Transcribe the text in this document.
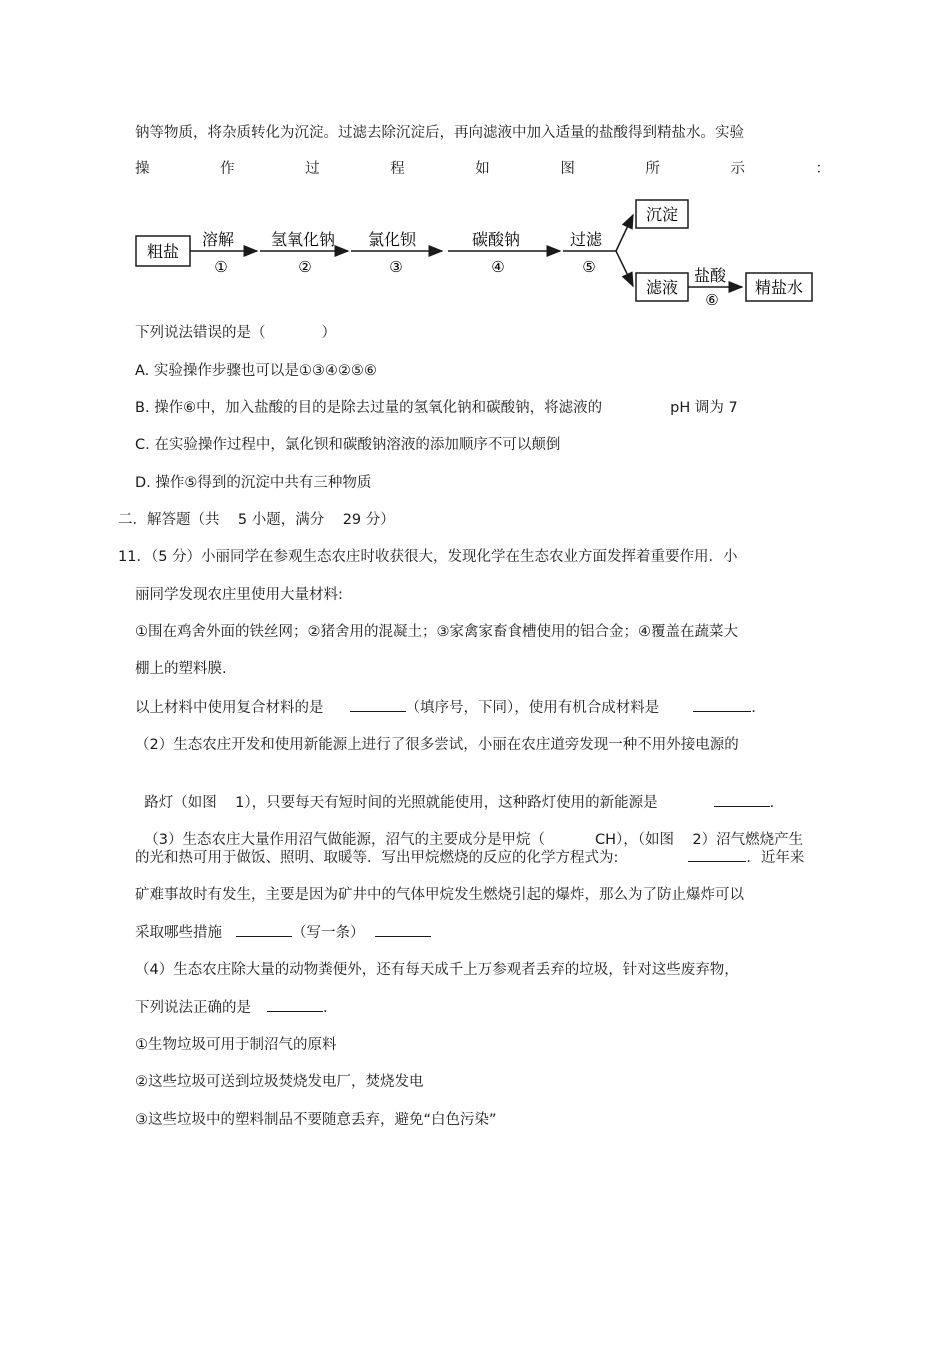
钠等物质，将杂质转化为沉淀。过滤去除沉淀后，再向滤液中加入适量的盐酸得到精盐水。实验
操	作	过	程	如	图	所	示	：
粗盐
溶解
①
氢氧化钠
②
氯化钡
③
碳酸钠
④
过滤
⑤
沉淀
滤液
盐酸
⑥
精盐水
下列说法错误的是（	）
A. 实验操作步骤也可以是①③④②⑤⑥
B. 操作⑥中，加入盐酸的目的是除去过量的氢氧化钠和碳酸钠，将滤液的	pH 调为 7
C. 在实验操作过程中，氯化钡和碳酸钠溶液的添加顺序不可以颠倒
D. 操作⑤得到的沉淀中共有三种物质
二．解答题（共    5 小题，满分    29 分）
11．（5 分）小丽同学在参观生态农庄时收获很大，发现化学在生态农业方面发挥着重要作用．小
丽同学发现农庄里使用大量材料:
①围在鸡舍外面的铁丝网；②猪舍用的混凝土；③家禽家畜食槽使用的铝合金；④覆盖在蔬菜大
棚上的塑料膜.
以上材料中使用复合材料的是	（填序号，下同），使用有机合成材料是	.
（2）生态农庄开发和使用新能源上进行了很多尝试，小丽在农庄道旁发现一种不用外接电源的

路灯（如图    1），只要每天有短时间的光照就能使用，这种路灯使用的新能源是	.

（3）生态农庄大量作用沼气做能源，沼气的主要成分是甲烷（	CH），（如图    2）沼气燃烧产生

的光和热可用于做饭、照明、取暖等．写出甲烷燃烧的反应的化学方程式为:	．近年来
矿难事故时有发生，主要是因为矿井中的气体甲烷发生燃烧引起的爆炸，那么为了防止爆炸可以
采取哪些措施	（写一条）
（4）生态农庄除大量的动物粪便外，还有每天成千上万参观者丢弃的垃圾，针对这些废弃物，
下列说法正确的是	.
①生物垃圾可用于制沼气的原料
②这些垃圾可送到垃圾焚烧发电厂，焚烧发电
③这些垃圾中的塑料制品不要随意丢弃，避免“白色污染”
